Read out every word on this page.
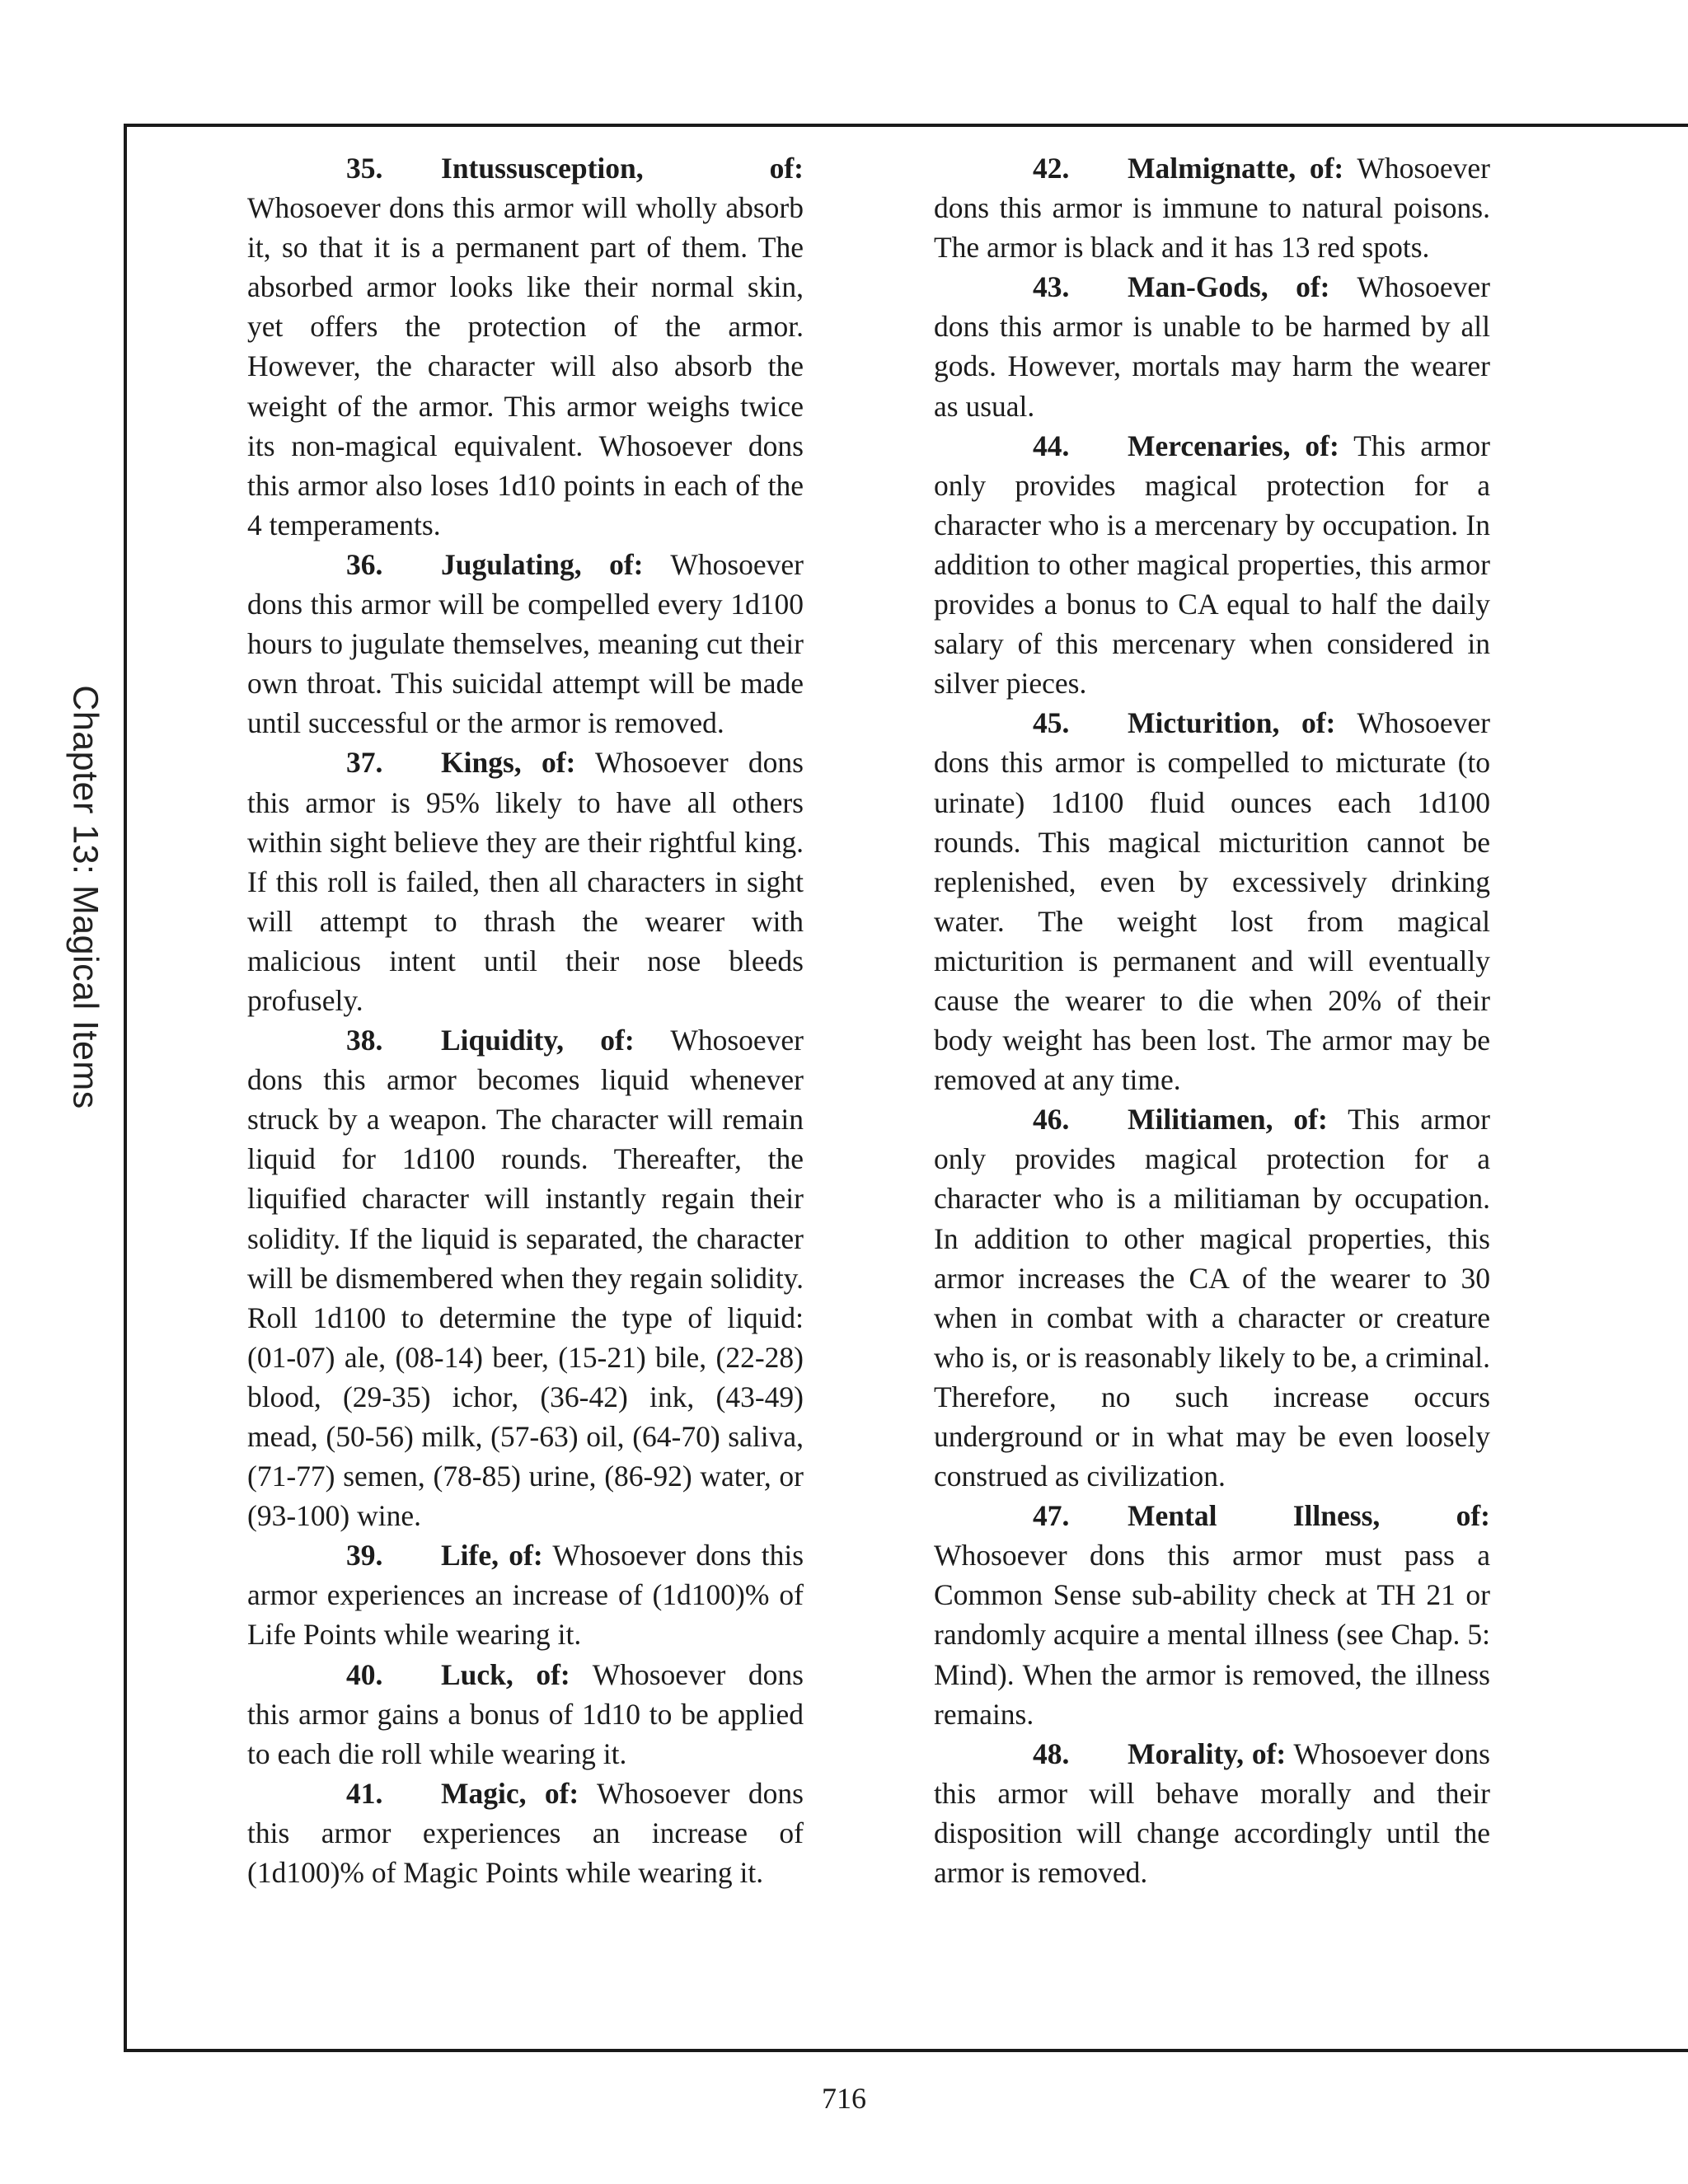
Chapter 13: Magical Items

35. Intussusception, of: Whosoever dons this armor will wholly absorb it, so that it is a permanent part of them. The absorbed armor looks like their normal skin, yet offers the protection of the armor. However, the character will also absorb the weight of the armor. This armor weighs twice its non-magical equivalent. Whosoever dons this armor also loses 1d10 points in each of the 4 temperaments.

36. Jugulating, of: Whosoever dons this armor will be compelled every 1d100 hours to jugulate themselves, meaning cut their own throat. This suicidal attempt will be made until successful or the armor is removed.

37. Kings, of: Whosoever dons this armor is 95% likely to have all others within sight believe they are their rightful king. If this roll is failed, then all characters in sight will attempt to thrash the wearer with malicious intent until their nose bleeds profusely.

38. Liquidity, of: Whosoever dons this armor becomes liquid whenever struck by a weapon. The character will remain liquid for 1d100 rounds. Thereafter, the liquified character will instantly regain their solidity. If the liquid is separated, the character will be dismembered when they regain solidity. Roll 1d100 to determine the type of liquid: (01-07) ale, (08-14) beer, (15-21) bile, (22-28) blood, (29-35) ichor, (36-42) ink, (43-49) mead, (50-56) milk, (57-63) oil, (64-70) saliva, (71-77) semen, (78-85) urine, (86-92) water, or (93-100) wine.

39. Life, of: Whosoever dons this armor experiences an increase of (1d100)% of Life Points while wearing it.

40. Luck, of: Whosoever dons this armor gains a bonus of 1d10 to be applied to each die roll while wearing it.

41. Magic, of: Whosoever dons this armor experiences an increase of (1d100)% of Magic Points while wearing it.

42. Malmignatte, of: Whosoever dons this armor is immune to natural poisons. The armor is black and it has 13 red spots.

43. Man-Gods, of: Whosoever dons this armor is unable to be harmed by all gods. However, mortals may harm the wearer as usual.

44. Mercenaries, of: This armor only provides magical protection for a character who is a mercenary by occupation. In addition to other magical properties, this armor provides a bonus to CA equal to half the daily salary of this mercenary when considered in silver pieces.

45. Micturition, of: Whosoever dons this armor is compelled to micturate (to urinate) 1d100 fluid ounces each 1d100 rounds. This magical micturition cannot be replenished, even by excessively drinking water. The weight lost from magical micturition is permanent and will eventually cause the wearer to die when 20% of their body weight has been lost. The armor may be removed at any time.

46. Militiamen, of: This armor only provides magical protection for a character who is a militiaman by occupation. In addition to other magical properties, this armor increases the CA of the wearer to 30 when in combat with a character or creature who is, or is reasonably likely to be, a criminal. Therefore, no such increase occurs underground or in what may be even loosely construed as civilization.

47. Mental Illness, of: Whosoever dons this armor must pass a Common Sense sub-ability check at TH 21 or randomly acquire a mental illness (see Chap. 5: Mind). When the armor is removed, the illness remains.

48. Morality, of: Whosoever dons this armor will behave morally and their disposition will change accordingly until the armor is removed.

716
